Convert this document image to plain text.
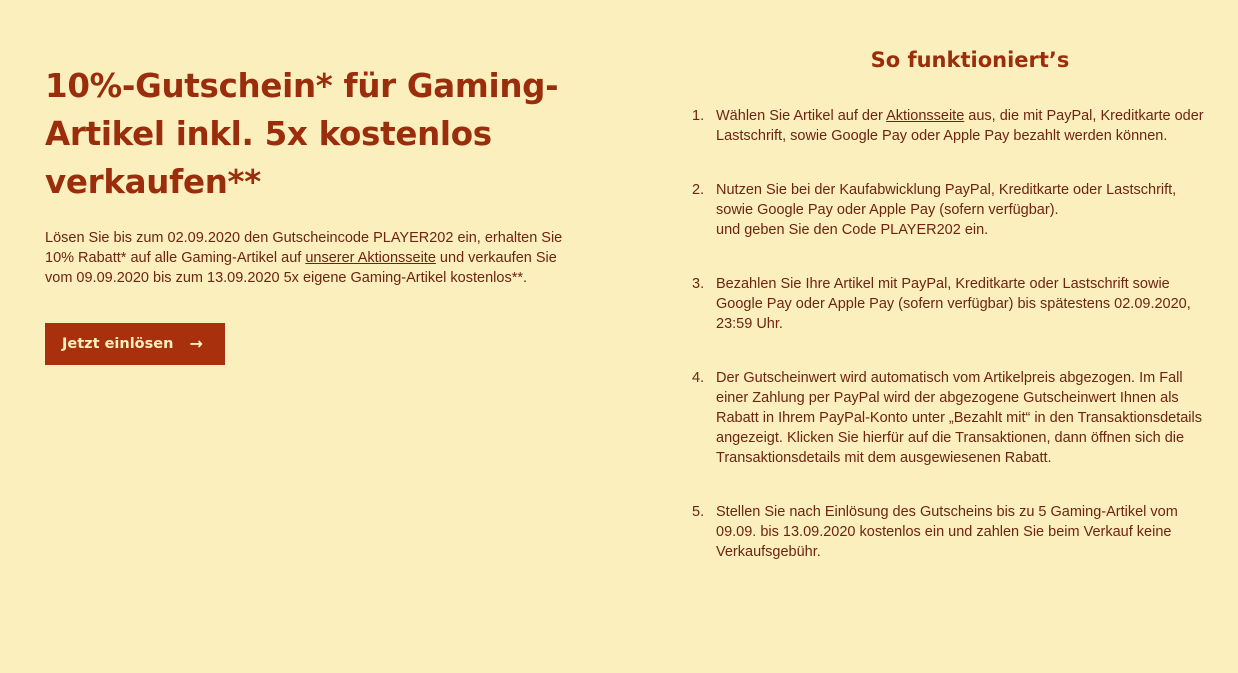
10%-Gutschein* für Gaming-Artikel inkl. 5x kostenlos verkaufen**

Lösen Sie bis zum 02.09.2020 den Gutscheincode PLAYER202 ein, erhalten Sie 10% Rabatt* auf alle Gaming-Artikel auf unserer Aktionsseite und verkaufen Sie vom 09.09.2020 bis zum 13.09.2020 5x eigene Gaming-Artikel kostenlos**.

Jetzt einlösen →
So funktioniert’s
1. Wählen Sie Artikel auf der Aktionsseite aus, die mit PayPal, Kreditkarte oder Lastschrift, sowie Google Pay oder Apple Pay bezahlt werden können.
2. Nutzen Sie bei der Kaufabwicklung PayPal, Kreditkarte oder Lastschrift, sowie Google Pay oder Apple Pay (sofern verfügbar).
und geben Sie den Code PLAYER202 ein.
3. Bezahlen Sie Ihre Artikel mit PayPal, Kreditkarte oder Lastschrift sowie Google Pay oder Apple Pay (sofern verfügbar) bis spätestens 02.09.2020, 23:59 Uhr.
4. Der Gutscheinwert wird automatisch vom Artikelpreis abgezogen. Im Fall einer Zahlung per PayPal wird der abgezogene Gutscheinwert Ihnen als Rabatt in Ihrem PayPal-Konto unter „Bezahlt mit“ in den Transaktionsdetails angezeigt. Klicken Sie hierfür auf die Transaktionen, dann öffnen sich die Transaktionsdetails mit dem ausgewiesenen Rabatt.
5. Stellen Sie nach Einlösung des Gutscheins bis zu 5 Gaming-Artikel vom 09.09. bis 13.09.2020 kostenlos ein und zahlen Sie beim Verkauf keine Verkaufsgebühr.
